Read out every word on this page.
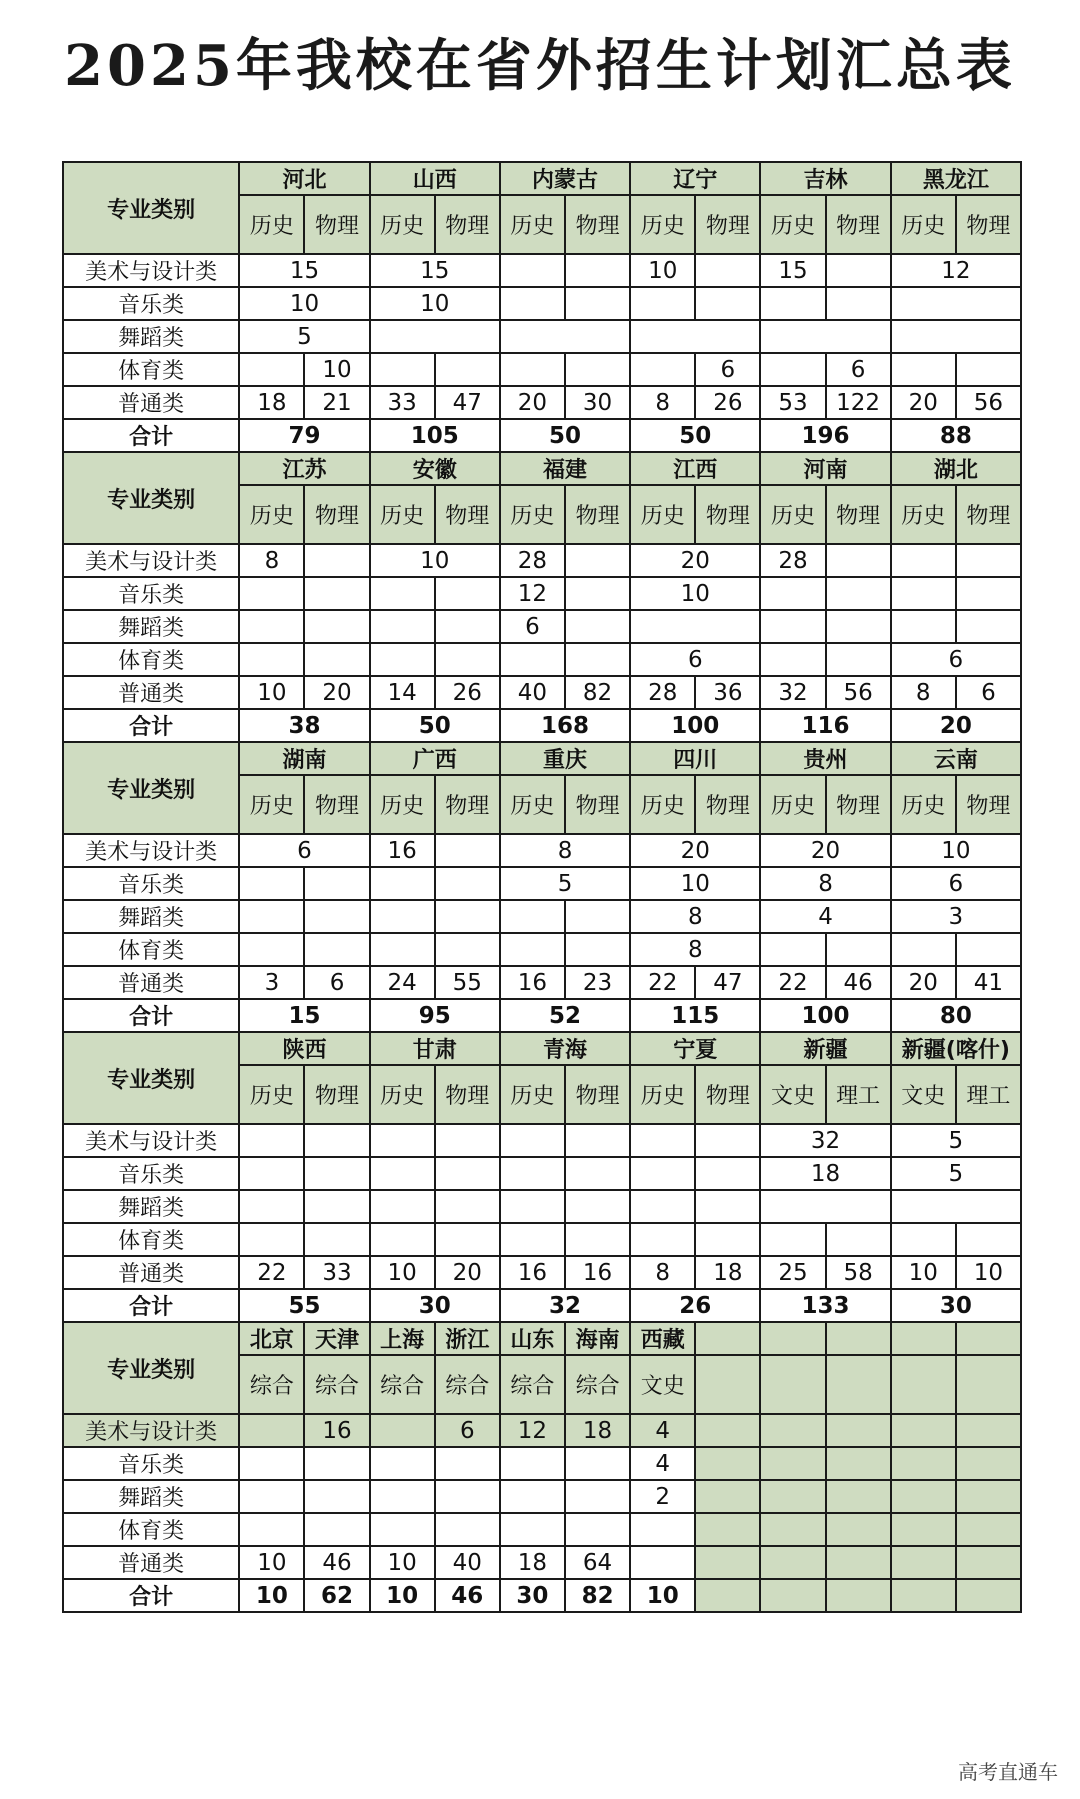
2025年我校在省外招生计划汇总表
专业类别	河北		山西		内蒙古		辽宁		吉林		黑龙江	
	历史	物理	历史	物理	历史	物理	历史	物理	历史	物理	历史	物理
美术与设计类	15		15				10		15		12	
音乐类	10		10									
舞蹈类	5											
体育类		10						6		6		
普通类	18	21	33	47	20	30	8	26	53	122	20	56
合计	79		105		50		50		196		88	
专业类别	江苏		安徽		福建		江西		河南		湖北	
	历史	物理	历史	物理	历史	物理	历史	物理	历史	物理	历史	物理
美术与设计类	8		10		28		20		28			
音乐类					12		10					
舞蹈类					6							
体育类							6				6	
普通类	10	20	14	26	40	82	28	36	32	56	8	6
合计	38		50		168		100		116		20	
专业类别	湖南		广西		重庆		四川		贵州		云南	
	历史	物理	历史	物理	历史	物理	历史	物理	历史	物理	历史	物理
美术与设计类	6		16		8		20		20		10	
音乐类					5		10		8		6	
舞蹈类							8		4		3	
体育类							8					
普通类	3	6	24	55	16	23	22	47	22	46	20	41
合计	15		95		52		115		100		80	
专业类别	陕西		甘肃		青海		宁夏		新疆		新疆(喀什)	
	历史	物理	历史	物理	历史	物理	历史	物理	文史	理工	文史	理工
美术与设计类									32		5	
音乐类									18		5	
舞蹈类												
体育类												
普通类	22	33	10	20	16	16	8	18	25	58	10	10
合计	55		30		32		26		133		30	
专业类别	北京	天津	上海	浙江	山东	海南	西藏					
	综合	综合	综合	综合	综合	综合	文史					
美术与设计类		16		6	12	18	4					
音乐类							4					
舞蹈类							2					
体育类												
普通类	10	46	10	40	18	64						
合计	10	62	10	46	30	82	10					
高考直通车
